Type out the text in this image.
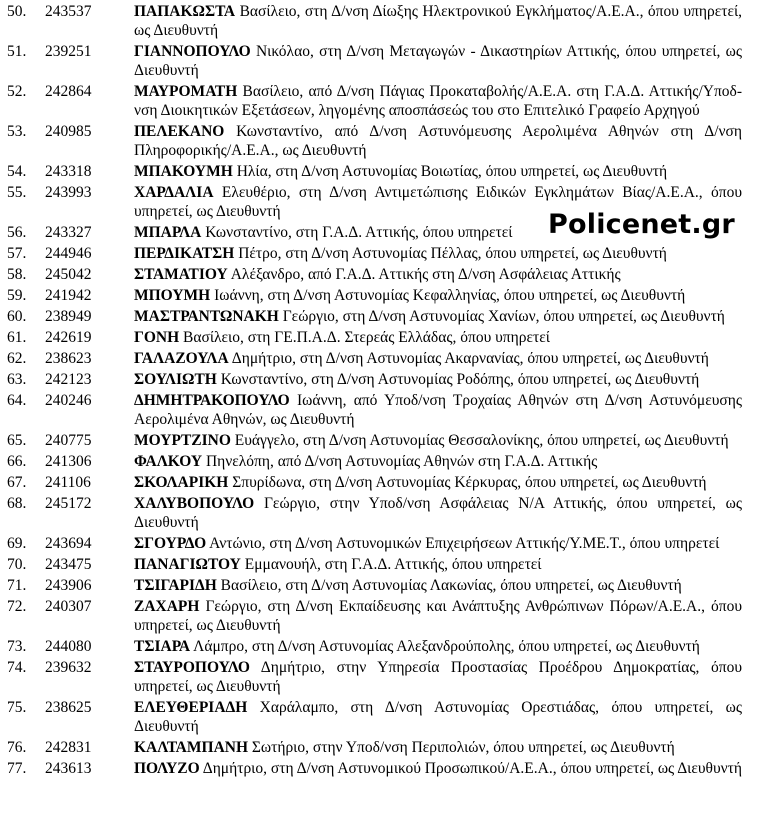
50.	243537	ΠΑΠΑΚΩΣΤΑ Βασίλειο, στη Δ/νση Δίωξης Ηλεκτρονικού Εγκλήματος/Α.Ε.Α., όπου υπηρετεί, ως Διευθυντή
51.	239251	ΓΙΑΝΝΟΠΟΥΛΟ Νικόλαο, στη Δ/νση Μεταγωγών - Δικαστηρίων Αττικής, όπου υπηρετεί, ως Διευθυντή
52.	242864	ΜΑΥΡΟΜΑΤΗ Βασίλειο, από Δ/νση Πάγιας Προκαταβολής/Α.Ε.Α. στη Γ.Α.Δ. Αττικής/Υποδ-νση Διοικητικών Εξετάσεων, ληγομένης αποσπάσεώς του στο Επιτελικό Γραφείο Αρχηγού
53.	240985	ΠΕΛΕΚΑΝΟ Κωνσταντίνο, από Δ/νση Αστυνόμευσης Αερολιμένα Αθηνών στη Δ/νση Πληροφορικής/Α.Ε.Α., ως Διευθυντή
54.	243318	ΜΠΑΚΟΥΜΗ Ηλία, στη Δ/νση Αστυνομίας Βοιωτίας, όπου υπηρετεί, ως Διευθυντή
55.	243993	ΧΑΡΔΑΛΙΑ Ελευθέριο, στη Δ/νση Αντιμετώπισης Ειδικών Εγκλημάτων Βίας/Α.Ε.Α., όπου υπηρετεί, ως Διευθυντή
56.	243327	ΜΠΑΡΛΑ Κωνσταντίνο, στη Γ.Α.Δ. Αττικής, όπου υπηρετεί
57.	244946	ΠΕΡΔΙΚΑΤΣΗ Πέτρο, στη Δ/νση Αστυνομίας Πέλλας, όπου υπηρετεί, ως Διευθυντή
58.	245042	ΣΤΑΜΑΤΙΟΥ Αλέξανδρο, από Γ.Α.Δ. Αττικής στη Δ/νση Ασφάλειας Αττικής
59.	241942	ΜΠΟΥΜΗ Ιωάννη, στη Δ/νση Αστυνομίας Κεφαλληνίας, όπου υπηρετεί, ως Διευθυντή
60.	238949	ΜΑΣΤΡΑΝΤΩΝΑΚΗ Γεώργιο, στη Δ/νση Αστυνομίας Χανίων, όπου υπηρετεί, ως Διευθυντή
61.	242619	ΓΟΝΗ Βασίλειο, στη ΓΕ.Π.Α.Δ. Στερεάς Ελλάδας, όπου υπηρετεί
62.	238623	ΓΑΛΑΖΟΥΛΑ Δημήτριο, στη Δ/νση Αστυνομίας Ακαρνανίας, όπου υπηρετεί, ως Διευθυντή
63.	242123	ΣΟΥΛΙΩΤΗ Κωνσταντίνο, στη Δ/νση Αστυνομίας Ροδόπης, όπου υπηρετεί, ως Διευθυντή
64.	240246	ΔΗΜΗΤΡΑΚΟΠΟΥΛΟ Ιωάννη, από Υποδ/νση Τροχαίας Αθηνών στη Δ/νση Αστυνόμευσης Αερολιμένα Αθηνών, ως Διευθυντή
65.	240775	ΜΟΥΡΤΖΙΝΟ Ευάγγελο, στη Δ/νση Αστυνομίας Θεσσαλονίκης, όπου υπηρετεί, ως Διευθυντή
66.	241306	ΦΑΛΚΟΥ Πηνελόπη, από Δ/νση Αστυνομίας Αθηνών στη Γ.Α.Δ. Αττικής
67.	241106	ΣΚΟΛΑΡΙΚΗ Σπυρίδωνα, στη Δ/νση Αστυνομίας Κέρκυρας, όπου υπηρετεί, ως Διευθυντή
68.	245172	ΧΑΛΥΒΟΠΟΥΛΟ Γεώργιο, στην Υποδ/νση Ασφάλειας Ν/Α Αττικής, όπου υπηρετεί, ως Διευθυντή
69.	243694	ΣΓΟΥΡΔΟ Αντώνιο, στη Δ/νση Αστυνομικών Επιχειρήσεων Αττικής/Υ.ΜΕ.Τ., όπου υπηρετεί
70.	243475	ΠΑΝΑΓΙΩΤΟΥ Εμμανουήλ, στη Γ.Α.Δ. Αττικής, όπου υπηρετεί
71.	243906	ΤΣΙΓΑΡΙΔΗ Βασίλειο, στη Δ/νση Αστυνομίας Λακωνίας, όπου υπηρετεί, ως Διευθυντή
72.	240307	ΖΑΧΑΡΗ Γεώργιο, στη Δ/νση Εκπαίδευσης και Ανάπτυξης Ανθρώπινων Πόρων/Α.Ε.Α., όπου υπηρετεί, ως Διευθυντή
73.	244080	ΤΣΙΑΡΑ Λάμπρο, στη Δ/νση Αστυνομίας Αλεξανδρούπολης, όπου υπηρετεί, ως Διευθυντή
74.	239632	ΣΤΑΥΡΟΠΟΥΛΟ Δημήτριο, στην Υπηρεσία Προστασίας Προέδρου Δημοκρατίας, όπου υπηρετεί, ως Διευθυντή
75.	238625	ΕΛΕΥΘΕΡΙΑΔΗ Χαράλαμπο, στη Δ/νση Αστυνομίας Ορεστιάδας, όπου υπηρετεί, ως Διευθυντή
76.	242831	ΚΑΛΤΑΜΠΑΝΗ Σωτήριο, στην Υποδ/νση Περιπολιών, όπου υπηρετεί, ως Διευθυντή
77.	243613	ΠΟΛΥΖΟ Δημήτριο, στη Δ/νση Αστυνομικού Προσωπικού/Α.Ε.Α., όπου υπηρετεί, ως Διευθυντή
Policenet.gr
